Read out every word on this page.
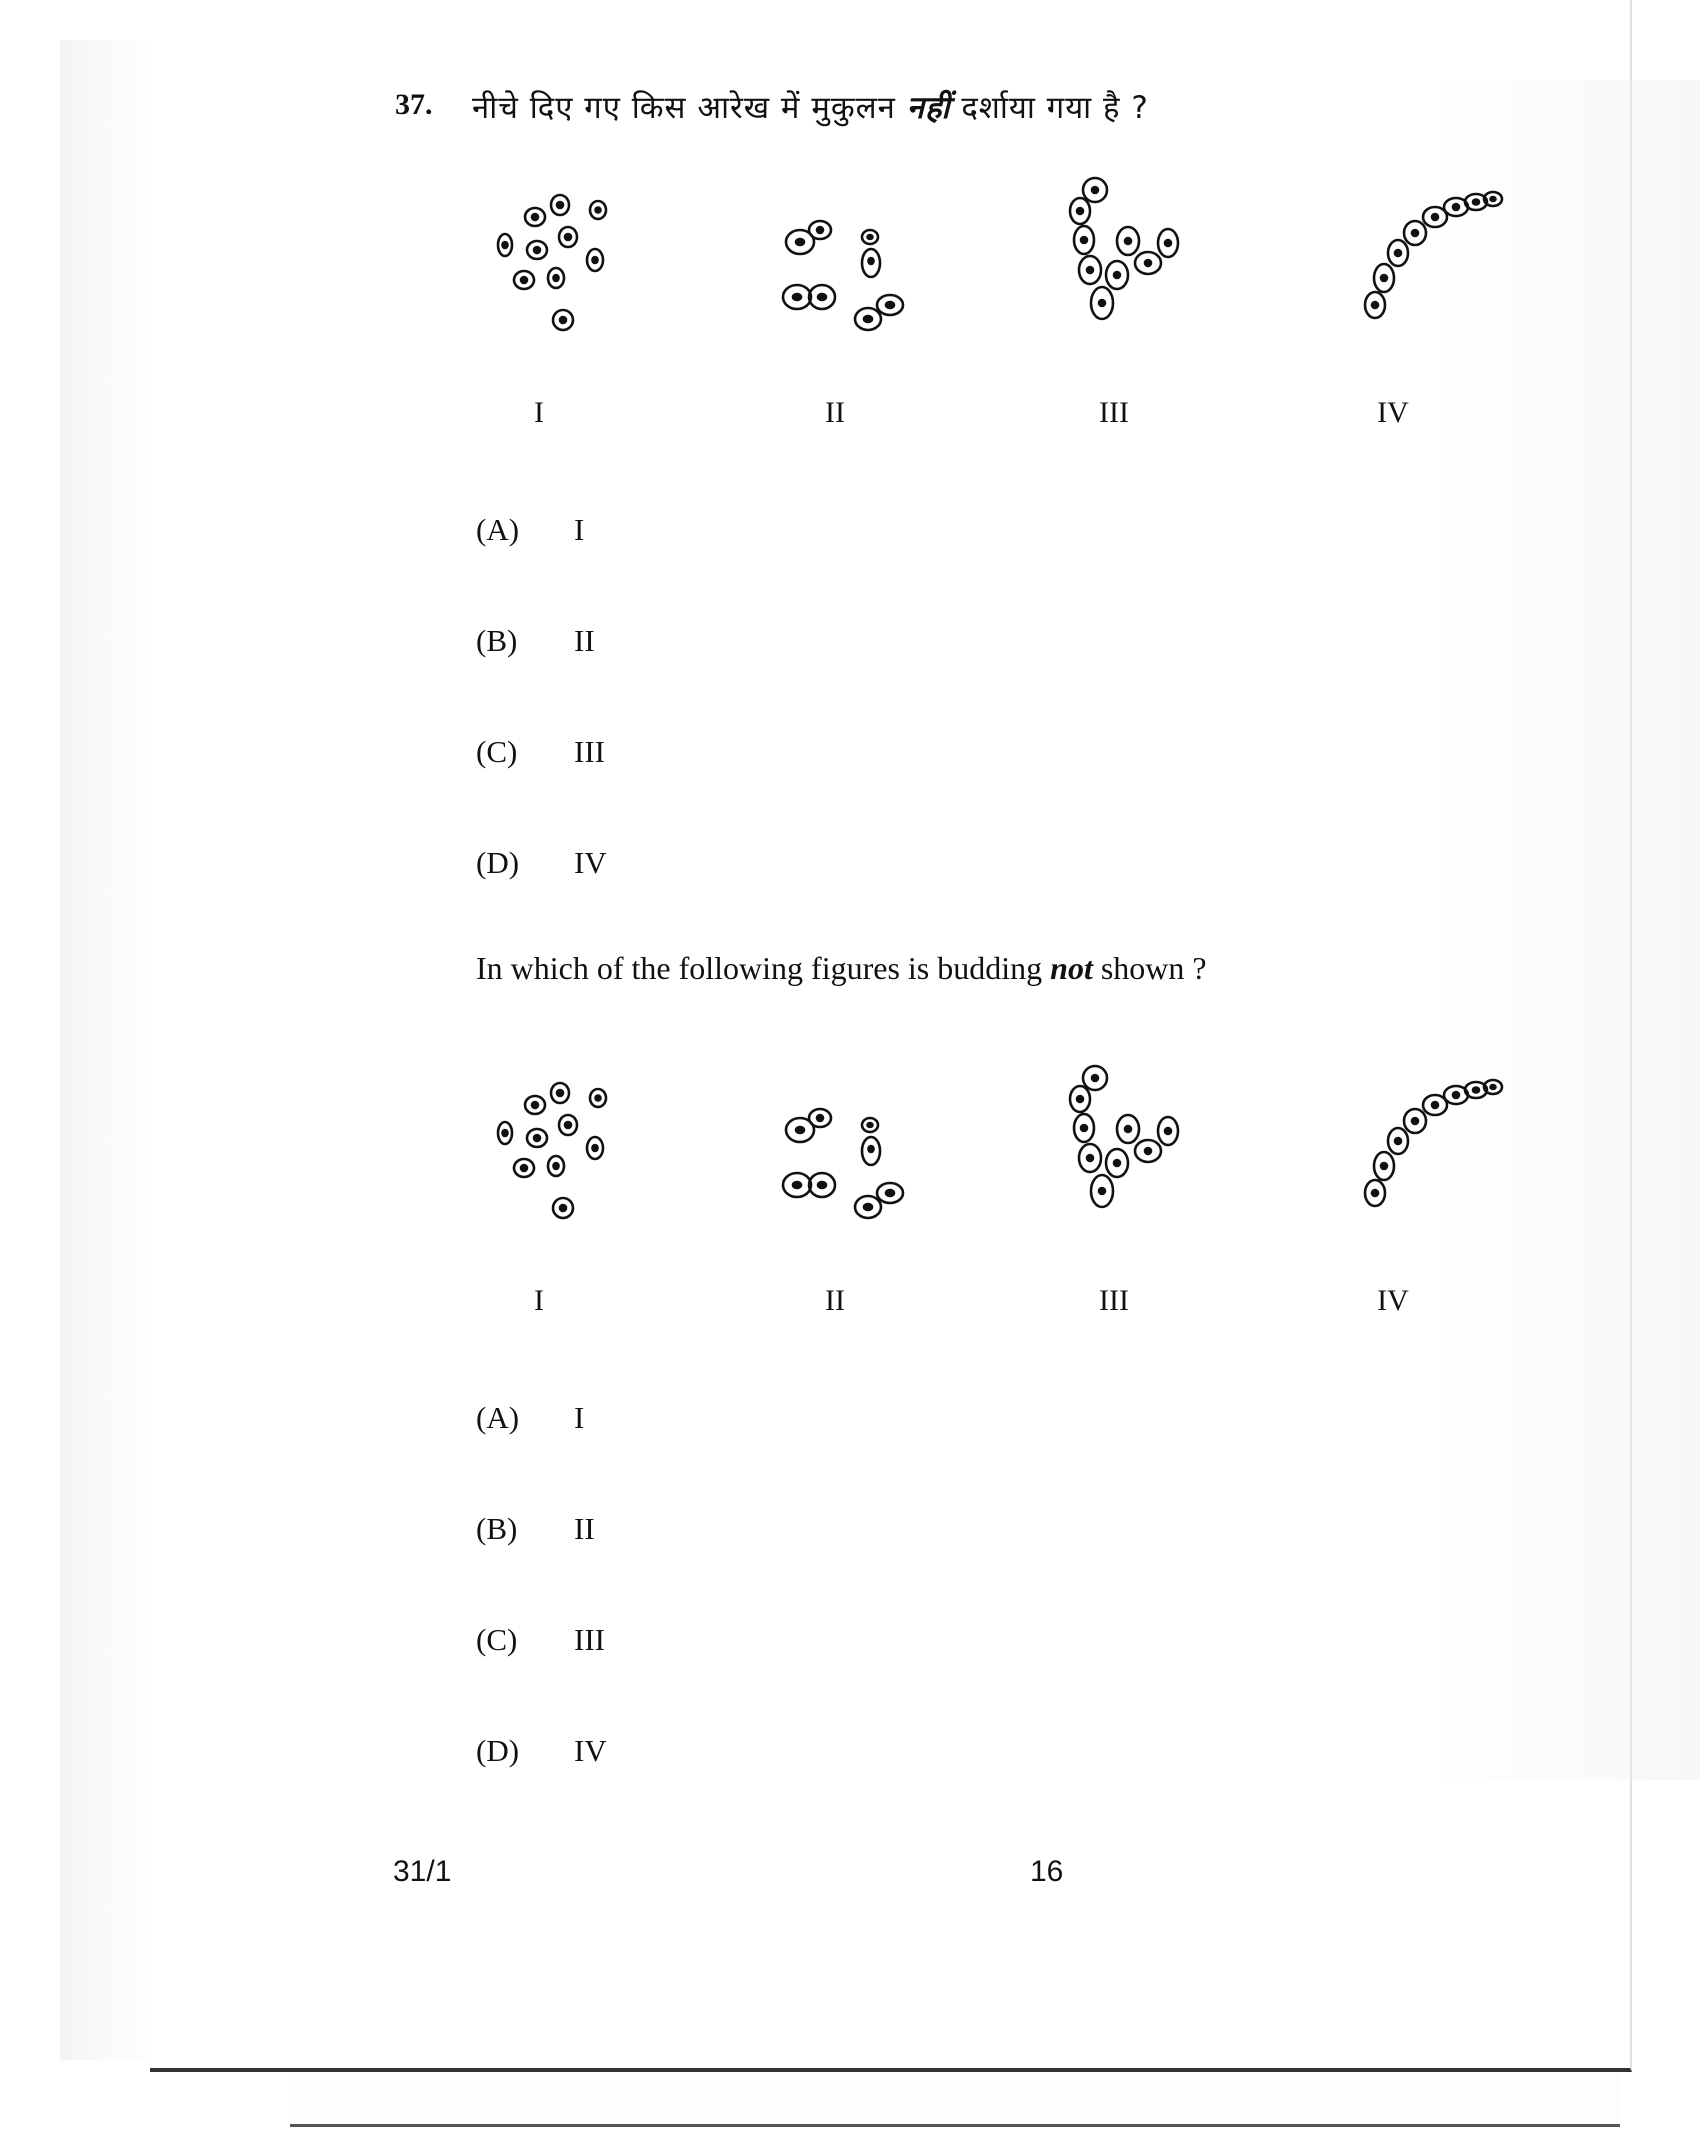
37. नीचे दिए गए किस आरेख में मुकुलन नहीं दर्शाया गया है ?
I	II	III	IV
(A) I
(B) II
(C) III
(D) IV
In which of the following figures is budding not shown ?
I	II	III	IV
(A) I
(B) II
(C) III
(D) IV
31/1	16
